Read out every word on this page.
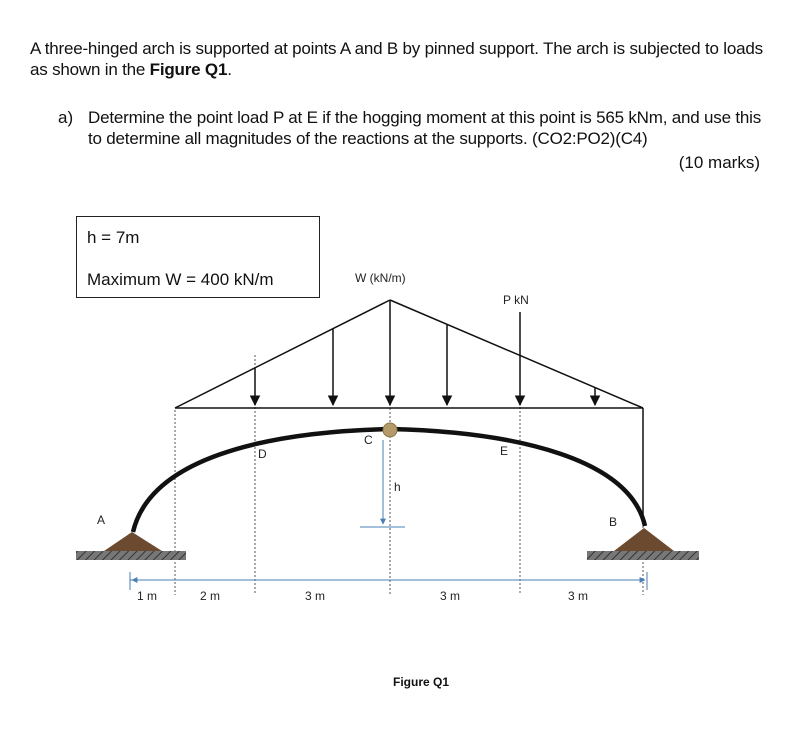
A three-hinged arch is supported at points A and B by pinned support. The arch is subjected to loads as shown in the Figure Q1.
a) Determine the point load P at E if the hogging moment at this point is 565 kNm, and use this to determine all magnitudes of the reactions at the supports. (CO2:PO2)(C4)
(10 marks)
h = 7m
Maximum W = 400 kN/m	W (kN/m)
P kN
h
A	B
C
D	E
1 m	2 m	3 m	3 m	3 m
Figure Q1
